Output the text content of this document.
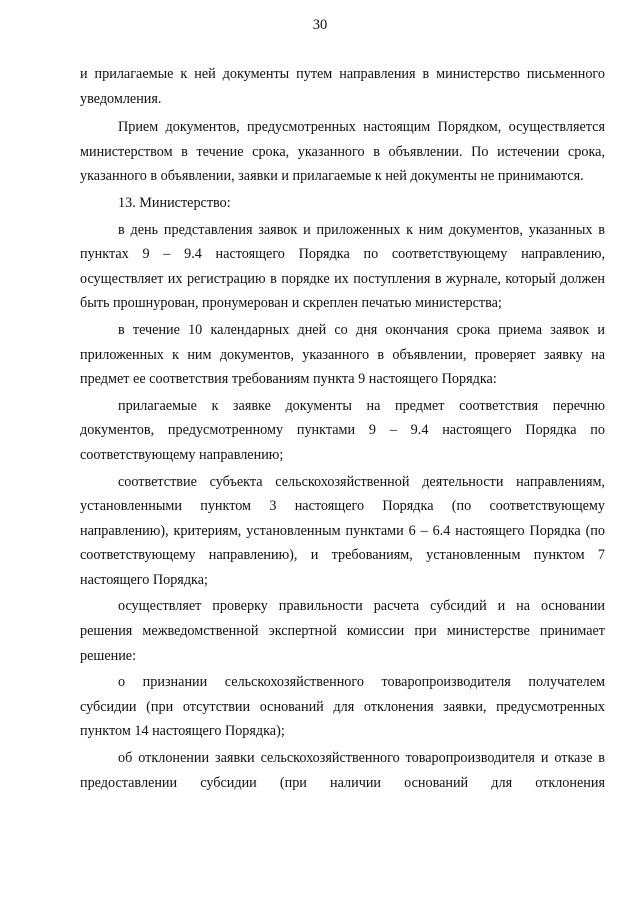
30

и прилагаемые к ней документы путем направления в министерство письменного уведомления.

Прием документов, предусмотренных настоящим Порядком, осуществляется министерством в течение срока, указанного в объявлении. По истечении срока, указанного в объявлении, заявки и прилагаемые к ней документы не принимаются.

13. Министерство:

в день представления заявок и приложенных к ним документов, указанных в пунктах 9 – 9.4 настоящего Порядка по соответствующему направлению, осуществляет их регистрацию в порядке их поступления в журнале, который должен быть прошнурован, пронумерован и скреплен печатью министерства;

в течение 10 календарных дней со дня окончания срока приема заявок и приложенных к ним документов, указанного в объявлении, проверяет заявку на предмет ее соответствия требованиям пункта 9 настоящего Порядка:

прилагаемые к заявке документы на предмет соответствия перечню документов, предусмотренному пунктами 9 – 9.4 настоящего Порядка по соответствующему направлению;

соответствие субъекта сельскохозяйственной деятельности направлениям, установленными пунктом 3 настоящего Порядка (по соответствующему направлению), критериям, установленным пунктами 6 – 6.4 настоящего Порядка (по соответствующему направлению), и требованиям, установленным пунктом 7 настоящего Порядка;

осуществляет проверку правильности расчета субсидий и на основании решения межведомственной экспертной комиссии при министерстве принимает решение:

о признании сельскохозяйственного товаропроизводителя получателем субсидии (при отсутствии оснований для отклонения заявки, предусмотренных пунктом 14 настоящего Порядка);

об отклонении заявки сельскохозяйственного товаропроизводителя и отказе в предоставлении субсидии (при наличии оснований для отклонения
